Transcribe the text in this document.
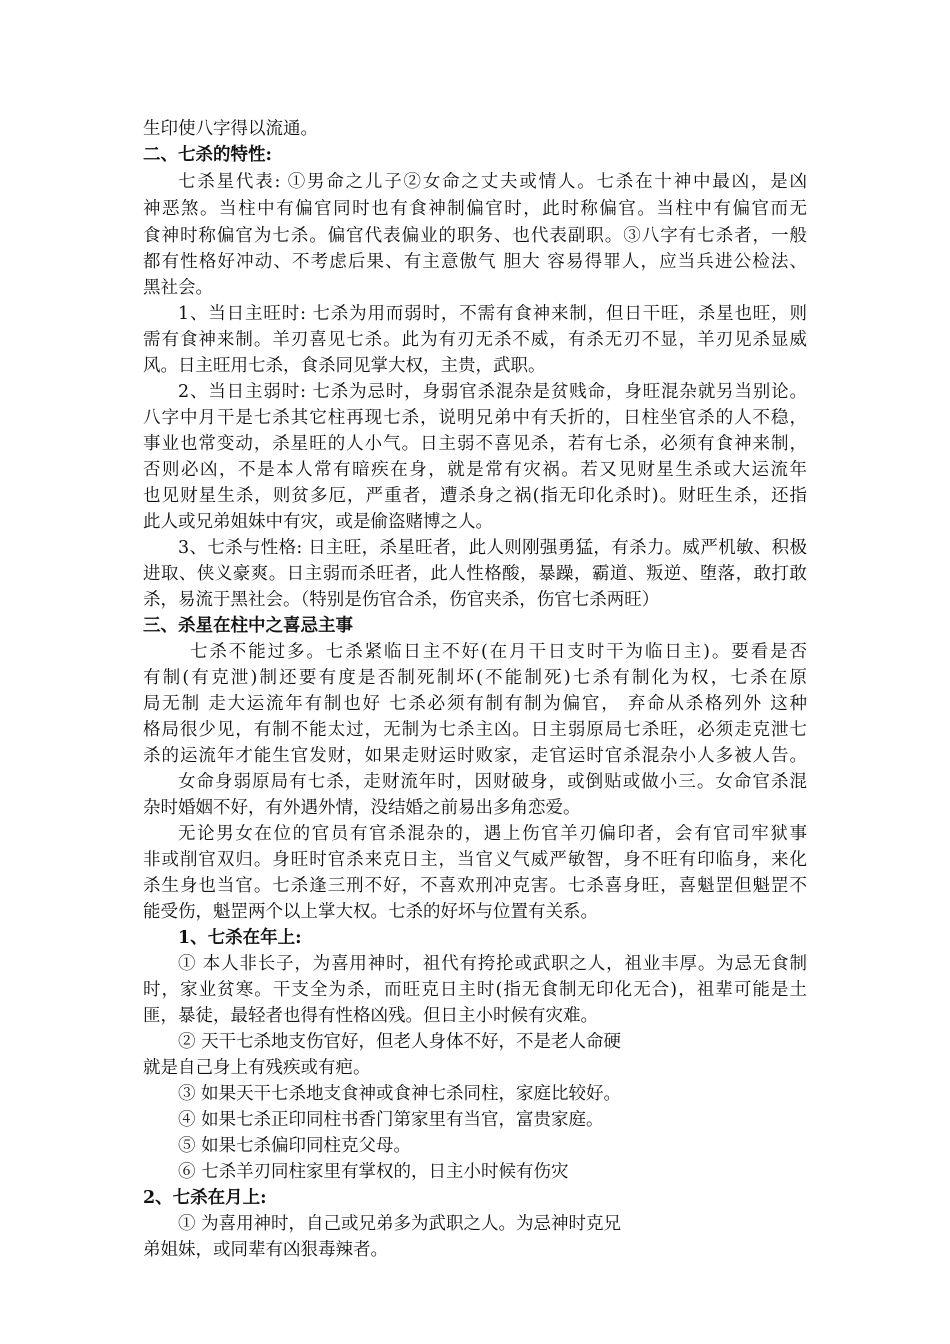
生印使八字得以流通。
二、七杀的特性:
七杀星代表: ①男命之儿子②女命之丈夫或情人。七杀在十神中最凶，是凶
神恶煞。当柱中有偏官同时也有食神制偏官时，此时称偏官。当柱中有偏官而无
食神时称偏官为七杀。偏官代表偏业的职务、也代表副职。③八字有七杀者，一般
都有性格好冲动、不考虑后果、有主意傲气 胆大 容易得罪人，应当兵进公检法、
黑社会。
1、当日主旺时: 七杀为用而弱时，不需有食神来制，但日干旺，杀星也旺，则
需有食神来制。羊刃喜见七杀。此为有刃无杀不威，有杀无刃不显，羊刃见杀显威
风。日主旺用七杀，食杀同见掌大权，主贵，武职。
2、当日主弱时: 七杀为忌时，身弱官杀混杂是贫贱命，身旺混杂就另当别论。
八字中月干是七杀其它柱再现七杀，说明兄弟中有夭折的，日柱坐官杀的人不稳，
事业也常变动，杀星旺的人小气。日主弱不喜见杀，若有七杀，必须有食神来制，
否则必凶，不是本人常有暗疾在身，就是常有灾祸。若又见财星生杀或大运流年
也见财星生杀，则贫多厄，严重者，遭杀身之祸(指无印化杀时)。财旺生杀，还指
此人或兄弟姐妹中有灾，或是偷盗赌博之人。
3、七杀与性格: 日主旺，杀星旺者，此人则刚强勇猛，有杀力。威严机敏、积极
进取、侠义豪爽。日主弱而杀旺者，此人性格酸，暴躁，霸道、叛逆、堕落，敢打敢
杀，易流于黑社会。（特别是伤官合杀，伤官夹杀，伤官七杀两旺）
三、杀星在柱中之喜忌主事
七杀不能过多。七杀紧临日主不好(在月干日支时干为临日主)。要看是否
有制(有克泄)制还要有度是否制死制坏(不能制死)七杀有制化为权，七杀在原
局无制 走大运流年有制也好 七杀必须有制有制为偏官， 弃命从杀格列外 这种
格局很少见，有制不能太过，无制为七杀主凶。日主弱原局七杀旺，必须走克泄七
杀的运流年才能生官发财，如果走财运时败家，走官运时官杀混杂小人多被人告。
女命身弱原局有七杀，走财流年时，因财破身，或倒贴或做小三。女命官杀混
杂时婚姻不好，有外遇外情，没结婚之前易出多角恋爱。
无论男女在位的官员有官杀混杂的，遇上伤官羊刃偏印者，会有官司牢狱事
非或削官双归。身旺时官杀来克日主，当官义气威严敏智，身不旺有印临身，来化
杀生身也当官。七杀逢三刑不好，不喜欢刑冲克害。七杀喜身旺，喜魁罡但魁罡不
能受伤，魁罡两个以上掌大权。七杀的好坏与位置有关系。
1、七杀在年上:
① 本人非长子，为喜用神时，祖代有挎抡或武职之人，祖业丰厚。为忌无食制
时，家业贫寒。干支全为杀，而旺克日主时(指无食制无印化无合)，祖辈可能是土
匪，暴徒，最轻者也得有性格凶残。但日主小时候有灾难。
② 天干七杀地支伤官好，但老人身体不好，不是老人命硬
就是自己身上有残疾或有疤。
③ 如果天干七杀地支食神或食神七杀同柱，家庭比较好。
④ 如果七杀正印同柱书香门第家里有当官，富贵家庭。
⑤ 如果七杀偏印同柱克父母。
⑥ 七杀羊刃同柱家里有掌权的，日主小时候有伤灾
2、七杀在月上:
① 为喜用神时，自己或兄弟多为武职之人。为忌神时克兄
弟姐妹，或同辈有凶狠毒辣者。
